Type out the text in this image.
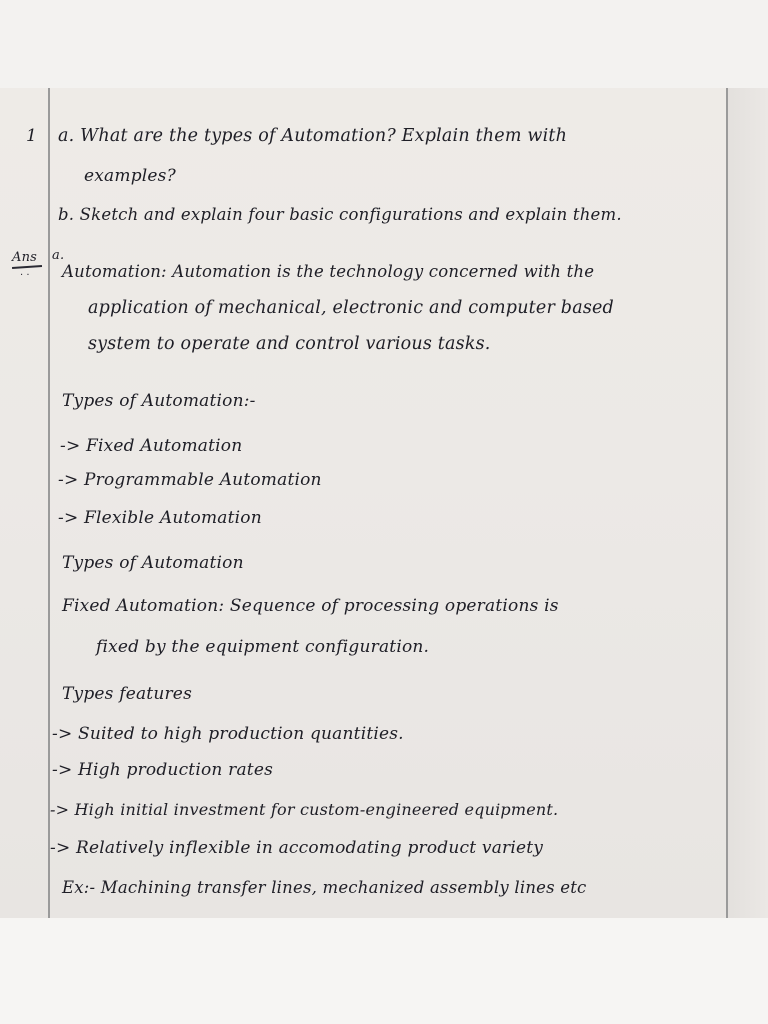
1 a. What are the types of Automation? Explain them with
examples?
b. Sketch and explain four basic configurations and explain them.
Ans
· ·
a.
Automation: Automation is the technology concerned with the
application of mechanical, electronic and computer based
system to operate and control various tasks.
Types of Automation:-
-> Fixed Automation
-> Programmable Automation
-> Flexible Automation
Types of Automation
Fixed Automation: Sequence of processing operations is
fixed by the equipment configuration.
Types features
-> Suited to high production quantities.
-> High production rates
-> High initial investment for custom-engineered equipment.
-> Relatively inflexible in accomodating product variety
Ex:- Machining transfer lines, mechanized assembly lines etc
